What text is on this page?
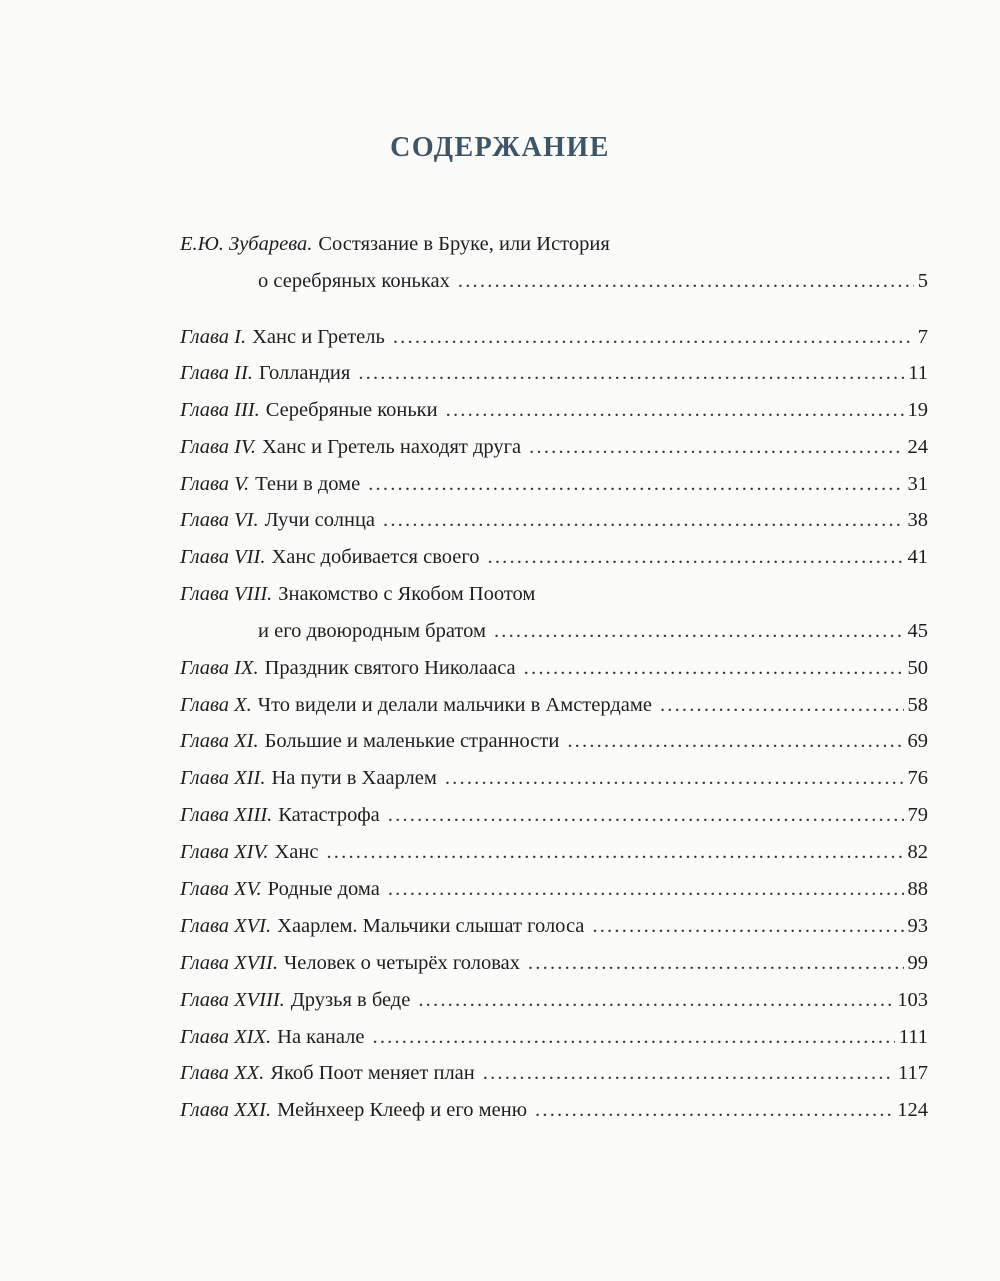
СОДЕРЖАНИЕ
Е.Ю. Зубарева. Состязание в Бруке, или История
о серебряных коньках .....	5
Глава I. Ханс и Гретель .....	7
Глава II. Голландия .....	11
Глава III. Серебряные коньки .....	19
Глава IV. Ханс и Гретель находят друга .....	24
Глава V. Тени в доме .....	31
Глава VI. Лучи солнца .....	38
Глава VII. Ханс добивается своего .....	41
Глава VIII. Знакомство с Якобом Поотом
и его двоюродным братом .....	45
Глава IX. Праздник святого Николааса .....	50
Глава X. Что видели и делали мальчики в Амстердаме .....	58
Глава XI. Большие и маленькие странности .....	69
Глава XII. На пути в Хаарлем .....	76
Глава XIII. Катастрофа .....	79
Глава XIV. Ханс .....	82
Глава XV. Родные дома .....	88
Глава XVI. Хаарлем. Мальчики слышат голоса .....	93
Глава XVII. Человек о четырёх головах .....	99
Глава XVIII. Друзья в беде .....	103
Глава XIX. На канале .....	111
Глава XX. Якоб Поот меняет план .....	117
Глава XXI. Мейнхеер Клееф и его меню .....	124
